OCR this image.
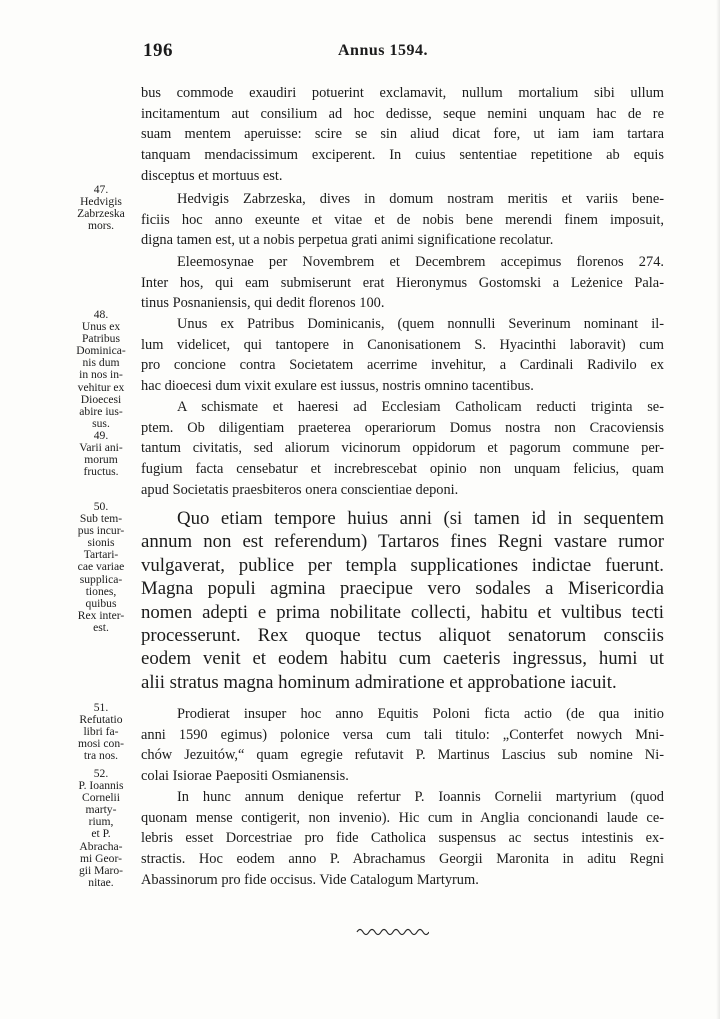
196	Annus 1594.
bus commode exaudiri potuerint exclamavit, nullum mortalium sibi ullum
incitamentum aut consilium ad hoc dedisse, seque nemini unquam hac de re
suam mentem aperuisse: scire se sin aliud dicat fore, ut iam iam tartara
tanquam mendacissimum exciperent. In cuius sententiae repetitione ab equis
disceptus et mortuus est.
Hedvigis Zabrzeska, dives in domum nostram meritis et variis bene-
ficiis hoc anno exeunte et vitae et de nobis bene merendi finem imposuit,
digna tamen est, ut a nobis perpetua grati animi significatione recolatur.
Eleemosynae per Novembrem et Decembrem accepimus florenos 274.
Inter hos, qui eam submiserunt erat Hieronymus Gostomski a Leżenice Pala-
tinus Posnaniensis, qui dedit florenos 100.
Unus ex Patribus Dominicanis, (quem nonnulli Severinum nominant il-
lum videlicet, qui tantopere in Canonisationem S. Hyacinthi laboravit) cum
pro concione contra Societatem acerrime invehitur, a Cardinali Radivilo ex
hac dioecesi dum vixit exulare est iussus, nostris omnino tacentibus.
A schismate et haeresi ad Ecclesiam Catholicam reducti triginta se-
ptem. Ob diligentiam praeterea operariorum Domus nostra non Cracoviensis
tantum civitatis, sed aliorum vicinorum oppidorum et pagorum commune per-
fugium facta censebatur et increbrescebat opinio non unquam felicius, quam
apud Societatis praesbiteros onera conscientiae deponi.
Quo etiam tempore huius anni (si tamen id in sequentem
annum non est referendum) Tartaros fines Regni vastare rumor
vulgaverat, publice per templa supplicationes indictae fuerunt.
Magna populi agmina praecipue vero sodales a Misericordia
nomen adepti e prima nobilitate collecti, habitu et vultibus tecti
processerunt. Rex quoque tectus aliquot senatorum consciis
eodem venit et eodem habitu cum caeteris ingressus, humi ut
alii stratus magna hominum admiratione et approbatione iacuit.
Prodierat insuper hoc anno Equitis Poloni ficta actio (de qua initio
anni 1590 egimus) polonice versa cum tali titulo: „Conterfet nowych Mni-
chów Jezuitów,“ quam egregie refutavit P. Martinus Lascius sub nomine Ni-
colai Isiorae Paepositi Osmianensis.
In hunc annum denique refertur P. Ioannis Cornelii martyrium (quod
quonam mense contigerit, non invenio). Hic cum in Anglia concionandi laude ce-
lebris esset Dorcestriae pro fide Catholica suspensus ac sectus intestinis ex-
stractis. Hoc eodem anno P. Abrachamus Georgii Maronita in aditu Regni
Abassinorum pro fide occisus. Vide Catalogum Martyrum.
47.
Hedvigis
Zabrzeska
mors.
48.
Unus ex
Patribus
Dominica-
nis dum
in nos in-
vehitur ex
Dioecesi
abire ius-
sus.
49.
Varii ani-
morum
fructus.
50.
Sub tem-
pus incur-
sionis
Tartari-
cae variae
supplica-
tiones,
quibus
Rex inter-
est.
51.
Refutatio
libri fa-
mosi con-
tra nos.
52.
P. Ioannis
Cornelii
marty-
rium,
et P.
Abracha-
mi Geor-
gii Maro-
nitae.
